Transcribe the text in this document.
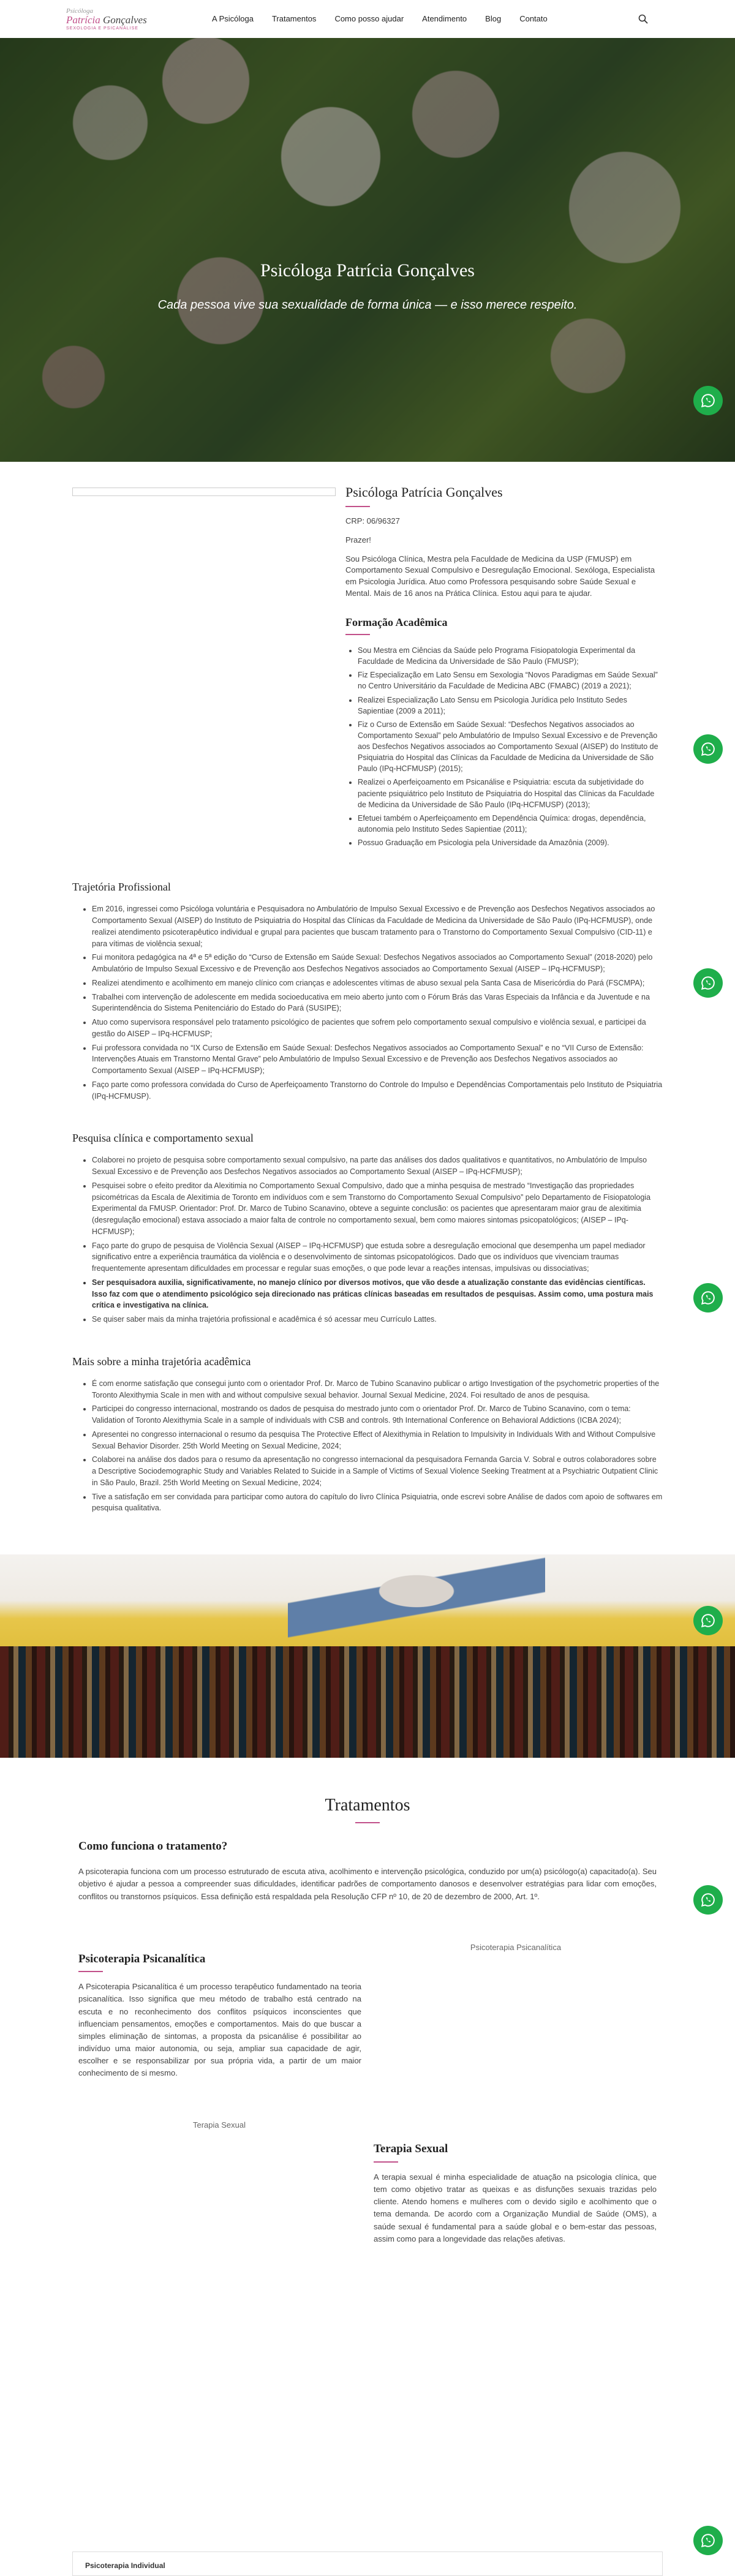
Psicóloga
Patrícia Gonçalves
SEXOLOGIA E PSICANÁLISE
A Psicóloga Tratamentos Como posso ajudar Atendimento Blog Contato
Psicóloga Patrícia Gonçalves

Cada pessoa vive sua sexualidade de forma única — e isso merece respeito.

Psicóloga Patrícia Gonçalves

CRP: 06/96327

Prazer!

Sou Psicóloga Clínica, Mestra pela Faculdade de Medicina da USP (FMUSP) em Comportamento Sexual Compulsivo e Desregulação Emocional. Sexóloga, Especialista em Psicologia Jurídica. Atuo como Professora pesquisando sobre Saúde Sexual e Mental. Mais de 16 anos na Prática Clínica. Estou aqui para te ajudar.

Formação Acadêmica
• Sou Mestra em Ciências da Saúde pelo Programa Fisiopatologia Experimental da Faculdade de Medicina da Universidade de São Paulo (FMUSP);
• Fiz Especialização em Lato Sensu em Sexologia “Novos Paradigmas em Saúde Sexual” no Centro Universitário da Faculdade de Medicina ABC (FMABC) (2019 a 2021);
• Realizei Especialização Lato Sensu em Psicologia Jurídica pelo Instituto Sedes Sapientiae (2009 a 2011);
• Fiz o Curso de Extensão em Saúde Sexual: “Desfechos Negativos associados ao Comportamento Sexual” pelo Ambulatório de Impulso Sexual Excessivo e de Prevenção aos Desfechos Negativos associados ao Comportamento Sexual (AISEP) do Instituto de Psiquiatria do Hospital das Clínicas da Faculdade de Medicina da Universidade de São Paulo (IPq-HCFMUSP) (2015);
• Realizei o Aperfeiçoamento em Psicanálise e Psiquiatria: escuta da subjetividade do paciente psiquiátrico pelo Instituto de Psiquiatria do Hospital das Clínicas da Faculdade de Medicina da Universidade de São Paulo (IPq-HCFMUSP) (2013);
• Efetuei também o Aperfeiçoamento em Dependência Química: drogas, dependência, autonomia pelo Instituto Sedes Sapientiae (2011);
• Possuo Graduação em Psicologia pela Universidade da Amazônia (2009).
Trajetória Profissional
• Em 2016, ingressei como Psicóloga voluntária e Pesquisadora no Ambulatório de Impulso Sexual Excessivo e de Prevenção aos Desfechos Negativos associados ao Comportamento Sexual (AISEP) do Instituto de Psiquiatria do Hospital das Clínicas da Faculdade de Medicina da Universidade de São Paulo (IPq-HCFMUSP), onde realizei atendimento psicoterapêutico individual e grupal para pacientes que buscam tratamento para o Transtorno do Comportamento Sexual Compulsivo (CID-11) e para vítimas de violência sexual;
• Fui monitora pedagógica na 4ª e 5ª edição do “Curso de Extensão em Saúde Sexual: Desfechos Negativos associados ao Comportamento Sexual” (2018-2020) pelo Ambulatório de Impulso Sexual Excessivo e de Prevenção aos Desfechos Negativos associados ao Comportamento Sexual (AISEP – IPq-HCFMUSP);
• Realizei atendimento e acolhimento em manejo clínico com crianças e adolescentes vítimas de abuso sexual pela Santa Casa de Misericórdia do Pará (FSCMPA);
• Trabalhei com intervenção de adolescente em medida socioeducativa em meio aberto junto com o Fórum Brás das Varas Especiais da Infância e da Juventude e na Superintendência do Sistema Penitenciário do Estado do Pará (SUSIPE);
• Atuo como supervisora responsável pelo tratamento psicológico de pacientes que sofrem pelo comportamento sexual compulsivo e violência sexual, e participei da gestão do AISEP – IPq-HCFMUSP;
• Fui professora convidada no “IX Curso de Extensão em Saúde Sexual: Desfechos Negativos associados ao Comportamento Sexual” e no “VII Curso de Extensão: Intervenções Atuais em Transtorno Mental Grave” pelo Ambulatório de Impulso Sexual Excessivo e de Prevenção aos Desfechos Negativos associados ao Comportamento Sexual (AISEP – IPq-HCFMUSP);
• Faço parte como professora convidada do Curso de Aperfeiçoamento Transtorno do Controle do Impulso e Dependências Comportamentais pelo Instituto de Psiquiatria (IPq-HCFMUSP).
Pesquisa clínica e comportamento sexual
• Colaborei no projeto de pesquisa sobre comportamento sexual compulsivo, na parte das análises dos dados qualitativos e quantitativos, no Ambulatório de Impulso Sexual Excessivo e de Prevenção aos Desfechos Negativos associados ao Comportamento Sexual (AISEP – IPq-HCFMUSP);
• Pesquisei sobre o efeito preditor da Alexitimia no Comportamento Sexual Compulsivo, dado que a minha pesquisa de mestrado “Investigação das propriedades psicométricas da Escala de Alexitimia de Toronto em indivíduos com e sem Transtorno do Comportamento Sexual Compulsivo” pelo Departamento de Fisiopatologia Experimental da FMUSP. Orientador: Prof. Dr. Marco de Tubino Scanavino, obteve a seguinte conclusão: os pacientes que apresentaram maior grau de alexitimia (desregulação emocional) estava associado a maior falta de controle no comportamento sexual, bem como maiores sintomas psicopatológicos; (AISEP – IPq-HCFMUSP);
• Faço parte do grupo de pesquisa de Violência Sexual (AISEP – IPq-HCFMUSP) que estuda sobre a desregulação emocional que desempenha um papel mediador significativo entre a experiência traumática da violência e o desenvolvimento de sintomas psicopatológicos. Dado que os indivíduos que vivenciam traumas frequentemente apresentam dificuldades em processar e regular suas emoções, o que pode levar a reações intensas, impulsivas ou dissociativas;
• Ser pesquisadora auxilia, significativamente, no manejo clínico por diversos motivos, que vão desde a atualização constante das evidências científicas. Isso faz com que o atendimento psicológico seja direcionado nas práticas clínicas baseadas em resultados de pesquisas. Assim como, uma postura mais crítica e investigativa na clínica.
• Se quiser saber mais da minha trajetória profissional e acadêmica é só acessar meu Currículo Lattes.
Mais sobre a minha trajetória acadêmica
• É com enorme satisfação que consegui junto com o orientador Prof. Dr. Marco de Tubino Scanavino publicar o artigo Investigation of the psychometric properties of the Toronto Alexithymia Scale in men with and without compulsive sexual behavior. Journal Sexual Medicine, 2024. Foi resultado de anos de pesquisa.
• Participei do congresso internacional, mostrando os dados de pesquisa do mestrado junto com o orientador Prof. Dr. Marco de Tubino Scanavino, com o tema: Validation of Toronto Alexithymia Scale in a sample of individuals with CSB and controls. 9th International Conference on Behavioral Addictions (ICBA 2024);
• Apresentei no congresso internacional o resumo da pesquisa The Protective Effect of Alexithymia in Relation to Impulsivity in Individuals With and Without Compulsive Sexual Behavior Disorder. 25th World Meeting on Sexual Medicine, 2024;
• Colaborei na análise dos dados para o resumo da apresentação no congresso internacional da pesquisadora Fernanda Garcia V. Sobral e outros colaboradores sobre a Descriptive Sociodemographic Study and Variables Related to Suicide in a Sample of Victims of Sexual Violence Seeking Treatment at a Psychiatric Outpatient Clinic in São Paulo, Brazil. 25th World Meeting on Sexual Medicine, 2024;
• Tive a satisfação em ser convidada para participar como autora do capítulo do livro Clínica Psiquiatria, onde escrevi sobre Análise de dados com apoio de softwares em pesquisa qualitativa.
Tratamentos
Como funciona o tratamento?

A psicoterapia funciona com um processo estruturado de escuta ativa, acolhimento e intervenção psicológica, conduzido por um(a) psicólogo(a) capacitado(a). Seu objetivo é ajudar a pessoa a compreender suas dificuldades, identificar padrões de comportamento danosos e desenvolver estratégias para lidar com emoções, conflitos ou transtornos psíquicos. Essa definição está respaldada pela Resolução CFP nº 10, de 20 de dezembro de 2000, Art. 1º.

Psicoterapia Psicanalítica

A Psicoterapia Psicanalítica é um processo terapêutico fundamentado na teoria psicanalítica. Isso significa que meu método de trabalho está centrado na escuta e no reconhecimento dos conflitos psíquicos inconscientes que influenciam pensamentos, emoções e comportamentos. Mais do que buscar a simples eliminação de sintomas, a proposta da psicanálise é possibilitar ao indivíduo uma maior autonomia, ou seja, ampliar sua capacidade de agir, escolher e se responsabilizar por sua própria vida, a partir de um maior conhecimento de si mesmo.

Psicoterapia Psicanalítica
Terapia Sexual
Terapia Sexual

A terapia sexual é minha especialidade de atuação na psicologia clínica, que tem como objetivo tratar as queixas e as disfunções sexuais trazidas pelo cliente. Atendo homens e mulheres com o devido sigilo e acolhimento que o tema demanda. De acordo com a Organização Mundial de Saúde (OMS), a saúde sexual é fundamental para a saúde global e o bem-estar das pessoas, assim como para a longevidade das relações afetivas.

Psicoterapia Individual
